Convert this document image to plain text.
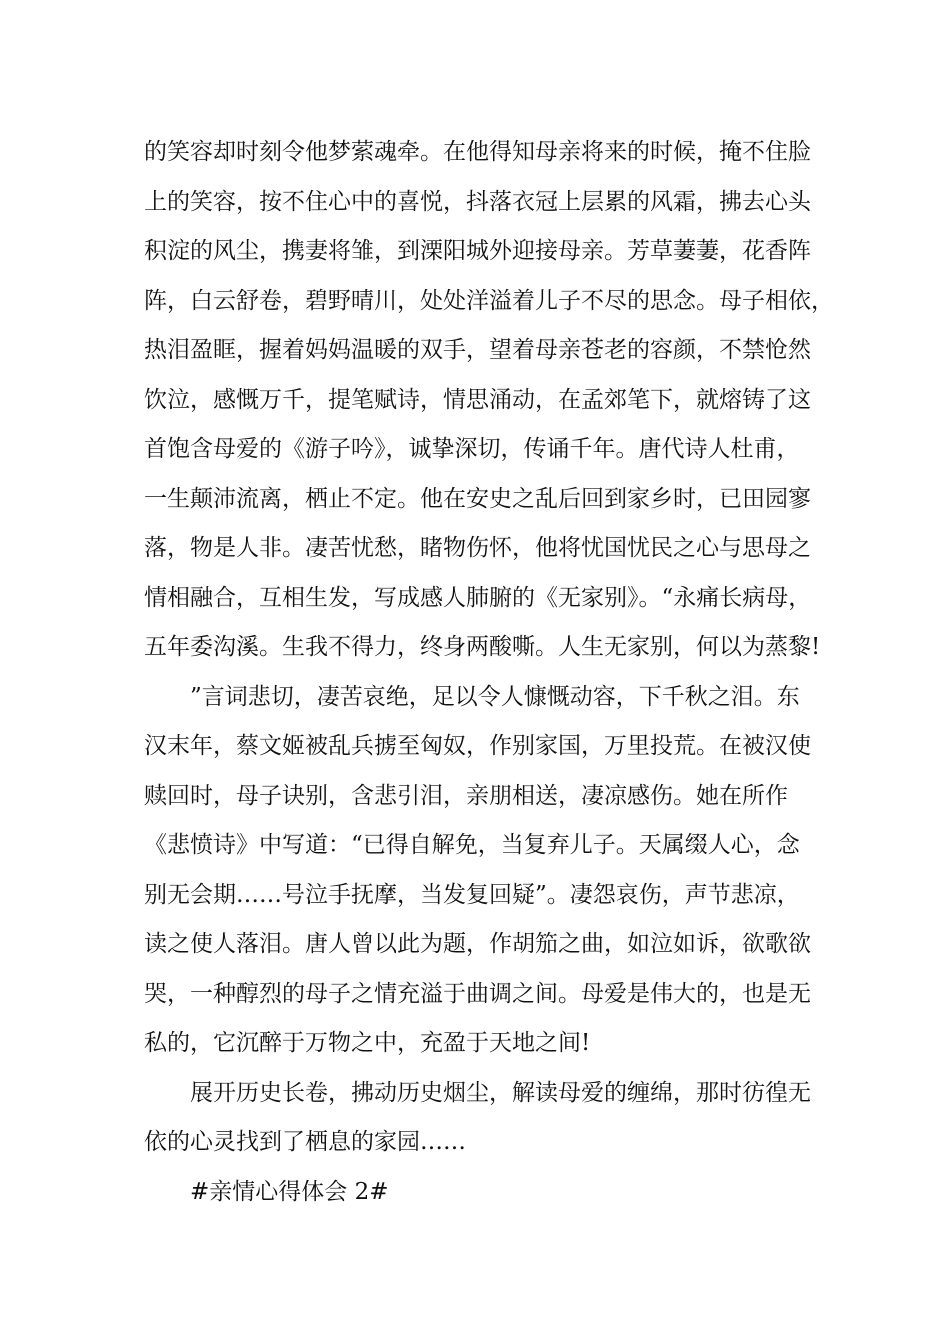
的笑容却时刻令他梦萦魂牵。在他得知母亲将来的时候，掩不住脸
上的笑容，按不住心中的喜悦，抖落衣冠上层累的风霜，拂去心头
积淀的风尘，携妻将雏，到溧阳城外迎接母亲。芳草萋萋，花香阵
阵，白云舒卷，碧野晴川，处处洋溢着儿子不尽的思念。母子相依，
热泪盈眶，握着妈妈温暖的双手，望着母亲苍老的容颜，不禁怆然
饮泣，感慨万千，提笔赋诗，情思涌动，在孟郊笔下，就熔铸了这
首饱含母爱的《游子吟》，诚挚深切，传诵千年。唐代诗人杜甫，
一生颠沛流离，栖止不定。他在安史之乱后回到家乡时，已田园寥
落，物是人非。凄苦忧愁，睹物伤怀，他将忧国忧民之心与思母之
情相融合，互相生发，写成感人肺腑的《无家别》。“永痛长病母，
五年委沟溪。生我不得力，终身两酸嘶。人生无家别，何以为蒸黎!
”言词悲切，凄苦哀绝，足以令人慷慨动容，下千秋之泪。东
汉末年，蔡文姬被乱兵掳至匈奴，作别家国，万里投荒。在被汉使
赎回时，母子诀别，含悲引泪，亲朋相送，凄凉感伤。她在所作
《悲愤诗》中写道：“已得自解免，当复弃儿子。天属缀人心，念
别无会期……号泣手抚摩，当发复回疑”。凄怨哀伤，声节悲凉，
读之使人落泪。唐人曾以此为题，作胡笳之曲，如泣如诉，欲歌欲
哭，一种醇烈的母子之情充溢于曲调之间。母爱是伟大的，也是无
私的，它沉醉于万物之中，充盈于天地之间!
展开历史长卷，拂动历史烟尘，解读母爱的缠绵，那时彷徨无
依的心灵找到了栖息的家园……
#亲情心得体会 2#
